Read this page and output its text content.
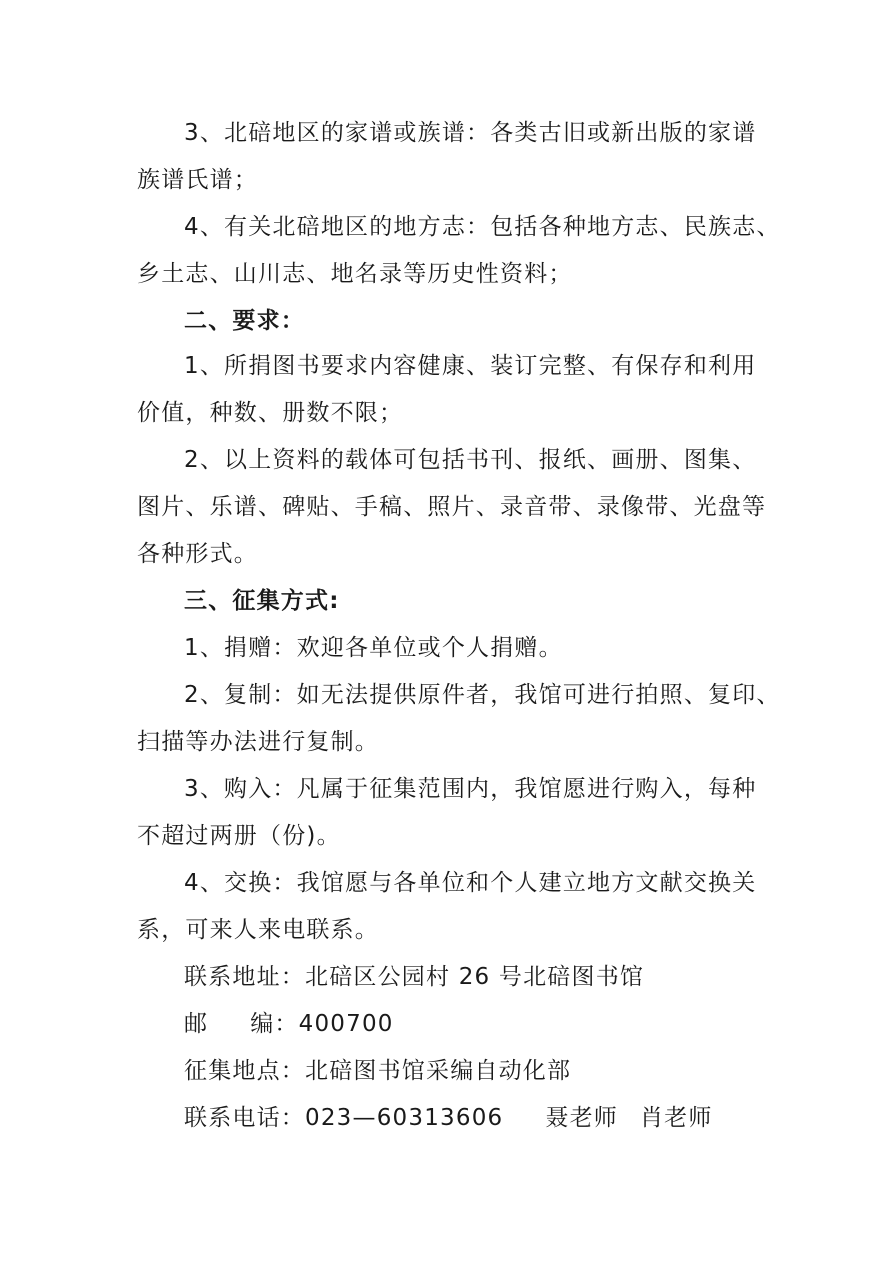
3、北碚地区的家谱或族谱：各类古旧或新出版的家谱
族谱氏谱；
4、有关北碚地区的地方志：包括各种地方志、民族志、
乡土志、山川志、地名录等历史性资料；
二、要求：
1、所捐图书要求内容健康、装订完整、有保存和利用
价值，种数、册数不限；
2、以上资料的载体可包括书刊、报纸、画册、图集、
图片、乐谱、碑贴、手稿、照片、录音带、录像带、光盘等
各种形式。
三、征集方式:
1、捐赠：欢迎各单位或个人捐赠。
2、复制：如无法提供原件者，我馆可进行拍照、复印、
扫描等办法进行复制。
3、购入：凡属于征集范围内，我馆愿进行购入，每种
不超过两册（份)。
4、交换：我馆愿与各单位和个人建立地方文献交换关
系，可来人来电联系。
联系地址：北碚区公园村 26 号北碚图书馆
邮 编：400700
征集地点：北碚图书馆采编自动化部
联系电话：023—60313606 聂老师 肖老师
